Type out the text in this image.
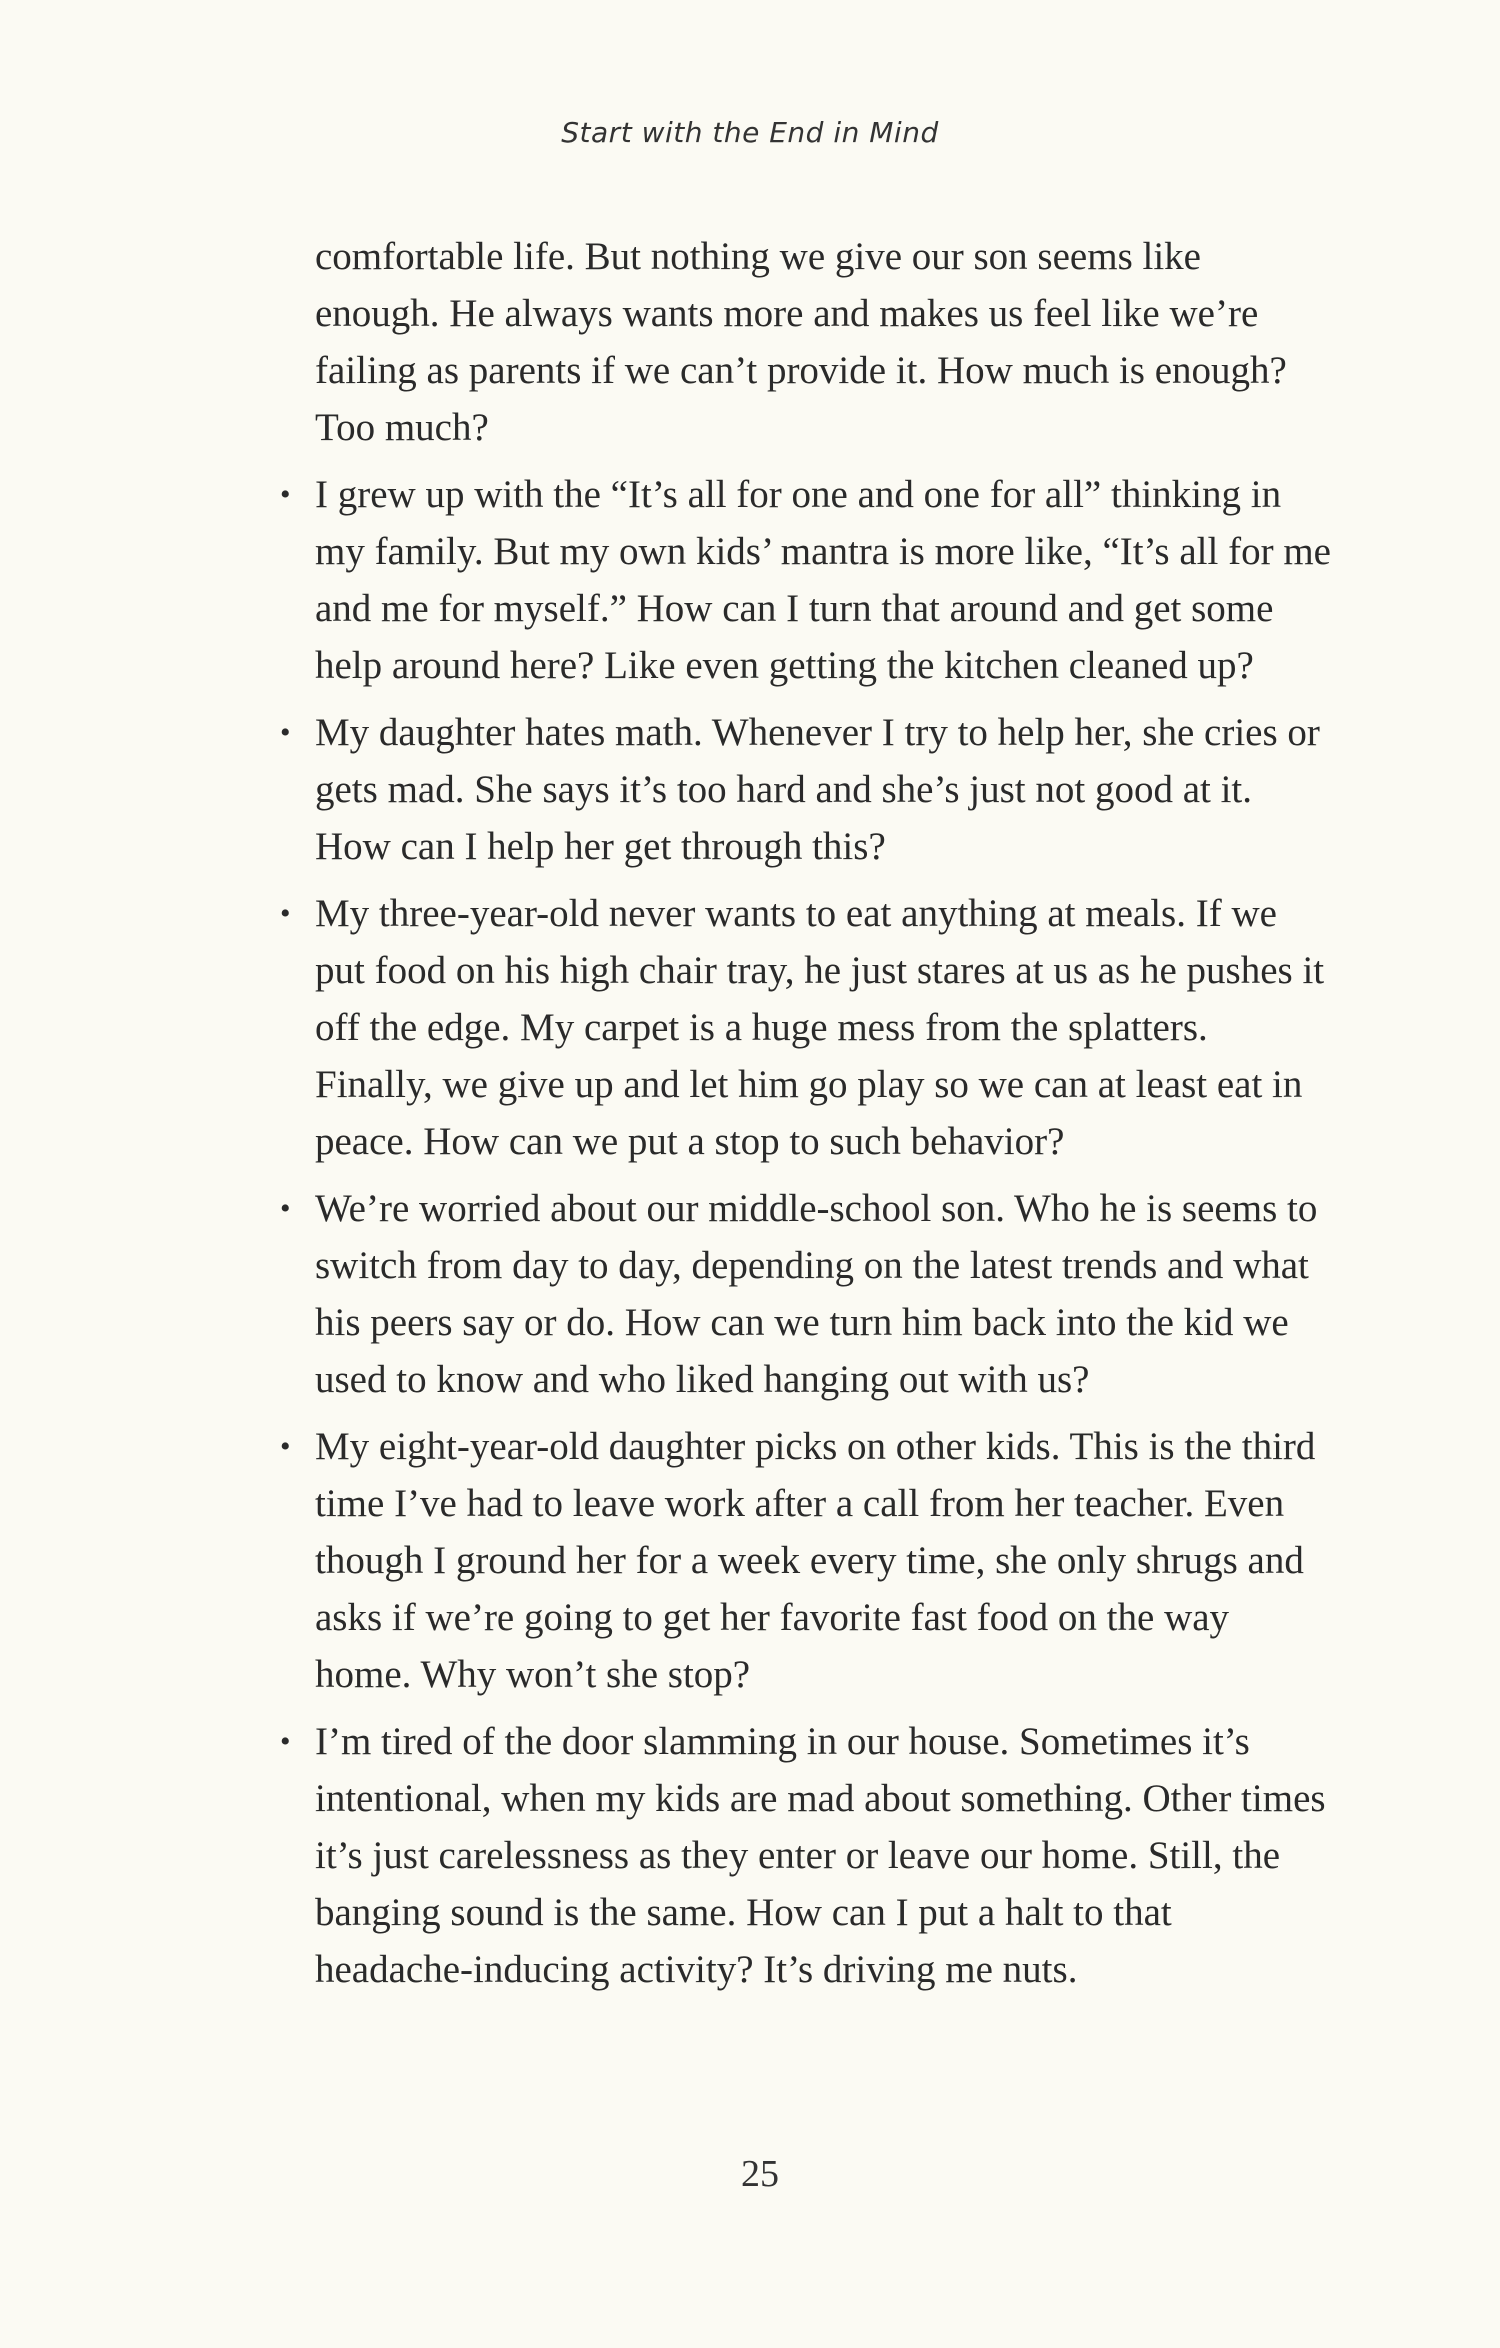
Start with the End in Mind

comfortable life. But nothing we give our son seems like enough. He always wants more and makes us feel like we’re failing as parents if we can’t provide it. How much is enough? Too much?

• I grew up with the “It’s all for one and one for all” thinking in my family. But my own kids’ mantra is more like, “It’s all for me and me for myself.” How can I turn that around and get some help around here? Like even getting the kitchen cleaned up?
• My daughter hates math. Whenever I try to help her, she cries or gets mad. She says it’s too hard and she’s just not good at it. How can I help her get through this?
• My three-year-old never wants to eat anything at meals. If we put food on his high chair tray, he just stares at us as he pushes it off the edge. My carpet is a huge mess from the splatters. Finally, we give up and let him go play so we can at least eat in peace. How can we put a stop to such behavior?
• We’re worried about our middle-school son. Who he is seems to switch from day to day, depending on the latest trends and what his peers say or do. How can we turn him back into the kid we used to know and who liked hanging out with us?
• My eight-year-old daughter picks on other kids. This is the third time I’ve had to leave work after a call from her teacher. Even though I ground her for a week every time, she only shrugs and asks if we’re going to get her favorite fast food on the way home. Why won’t she stop?
• I’m tired of the door slamming in our house. Sometimes it’s intentional, when my kids are mad about something. Other times it’s just carelessness as they enter or leave our home. Still, the banging sound is the same. How can I put a halt to that headache-inducing activity? It’s driving me nuts.
25
